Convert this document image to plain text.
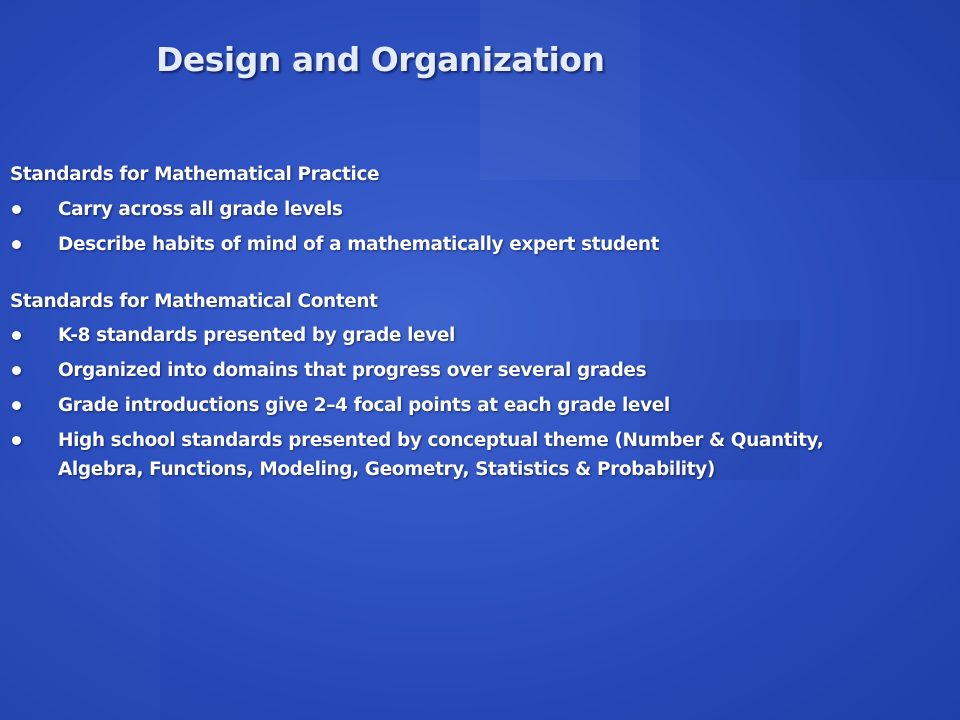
Design and Organization

Standards for Mathematical Practice

Carry across all grade levels
Describe habits of mind of a mathematically expert student

Standards for Mathematical Content

K-8 standards presented by grade level
Organized into domains that progress over several grades
Grade introductions give 2–4 focal points at each grade level
High school standards presented by conceptual theme (Number & Quantity, Algebra, Functions, Modeling, Geometry, Statistics & Probability)
